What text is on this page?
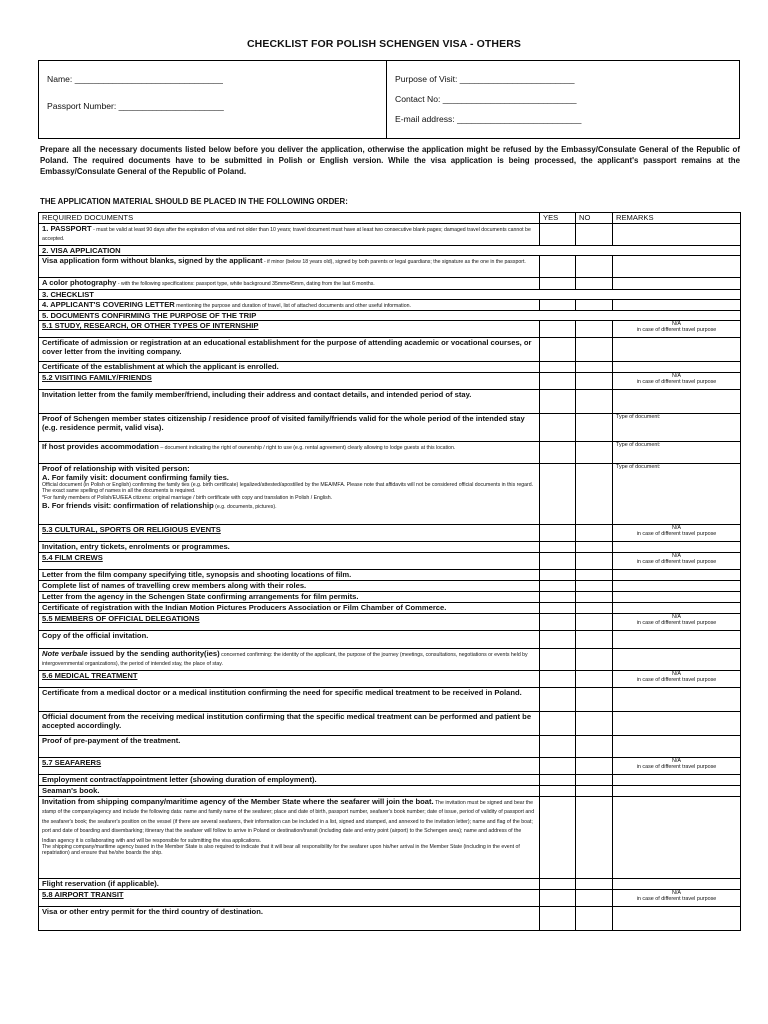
CHECKLIST FOR POLISH SCHENGEN VISA - OTHERS
Name: _______________________________
Passport Number: ______________________
Purpose of Visit: ________________________
Contact No: ____________________________
E-mail address: __________________________
Prepare all the necessary documents listed below before you deliver the application, otherwise the application might be refused by the Embassy/Consulate General of the Republic of Poland. The required documents have to be submitted in Polish or English version. While the visa application is being processed, the applicant's passport remains at the Embassy/Consulate General of the Republic of Poland.
THE APPLICATION MATERIAL SHOULD BE PLACED IN THE FOLLOWING ORDER:
REQUIRED DOCUMENTS	YES	NO	REMARKS
1. PASSPORT - must be valid at least 90 days after the expiration of visa and not older than 10 years; travel document must have at least two consecutive blank pages; damaged travel documents cannot be accepted.			
2. VISA APPLICATION			
Visa application form without blanks, signed by the applicant - if minor (below 18 years old), signed by both parents or legal guardians; the signature as the one in the passport.			
A color photography - with the following specifications: passport type, white background 35mmx45mm, dating from the last 6 months.			
3. CHECKLIST			
4. APPLICANT'S COVERING LETTER mentioning the purpose and duration of travel, list of attached documents and other useful information.			
5. DOCUMENTS CONFIRMING THE PURPOSE OF THE TRIP			
5.1 STUDY, RESEARCH, OR OTHER TYPES OF INTERNSHIP			N/A
in case of different travel purpose
Certificate of admission or registration at an educational establishment for the purpose of attending academic or vocational courses, or cover letter from the inviting company.			
Certificate of the establishment at which the applicant is enrolled.			
5.2 VISITING FAMILY/FRIENDS			N/A
in case of different travel purpose
Invitation letter from the family member/friend, including their address and contact details, and intended period of stay.			
Proof of Schengen member states citizenship / residence proof of visited family/friends valid for the whole period of the intended stay (e.g. residence permit, valid visa).			Type of document:
If host provides accommodation – document indicating the right of ownership / right to use (e.g. rental agreement) clearly allowing to lodge guests at this location.			Type of document:

Proof of relationship with visited person:
A. For family visit: document confirming family ties.
Official document (in Polish or English) confirming the family ties (e.g. birth certificate) legalized/attested/apostilled by the MEA/MFA. Please note that affidavits will not be considered official documents in this regard. The exact same spelling of names in all the documents is required.
*For family members of Polish/EU/EEA citizens: original marriage / birth certificate with copy and translation in Polish / English.
B. For friends visit: confirmation of relationship (e.g. documents, pictures).			Type of document:
5.3 CULTURAL, SPORTS OR RELIGIOUS EVENTS			N/A
in case of different travel purpose
Invitation, entry tickets, enrolments or programmes.			
5.4 FILM CREWS			N/A
in case of different travel purpose
Letter from the film company specifying title, synopsis and shooting locations of film.			
Complete list of names of travelling crew members along with their roles.			
Letter from the agency in the Schengen State confirming arrangements for film permits.			
Certificate of registration with the Indian Motion Pictures Producers Association or Film Chamber of Commerce.			
5.5 MEMBERS OF OFFICIAL DELEGATIONS			N/A
in case of different travel purpose
Copy of the official invitation.			
Note verbale issued by the sending authority(ies) concerned confirming: the identity of the applicant, the purpose of the journey (meetings, consultations, negotiations or events held by intergovernmental organizations), the period of intended stay, the place of stay.			
5.6 MEDICAL TREATMENT			N/A
in case of different travel purpose
Certificate from a medical doctor or a medical institution confirming the need for specific medical treatment to be received in Poland.			
Official document from the receiving medical institution confirming that the specific medical treatment can be performed and patient be accepted accordingly.			
Proof of pre-payment of the treatment.			
5.7 SEAFARERS			N/A
in case of different travel purpose
Employment contract/appointment letter (showing duration of employment).			
Seaman's book.			
Invitation from shipping company/maritime agency of the Member State where the seafarer will join the boat. The invitation must be signed and bear the stamp of the company/agency and include the following data: name and family name of the seafarer; place and date of birth, passport number, seafarer's book number; date of issue, period of validity of passport and the seafarer's book; the seafarer's position on the vessel (if there are several seafarers, their information can be included in a list, signed and stamped, and annexed to the invitation letter); name and flag of the boat; port and date of boarding and disembarking; itinerary that the seafarer will follow to arrive in Poland or destination/transit (including date and entry point (airport) to the Schengen area); name and address of the Indian agency it is collaborating with and will be responsible for submitting the visa applications.
The shipping company/maritime agency based in the Member State is also required to indicate that it will bear all responsibility for the seafarer upon his/her arrival in the Member State (including in the event of repatriation) and ensure that he/she boards the ship.			

Flight reservation (if applicable).			
5.8 AIRPORT TRANSIT			N/A
in case of different travel purpose
Visa or other entry permit for the third country of destination.			
